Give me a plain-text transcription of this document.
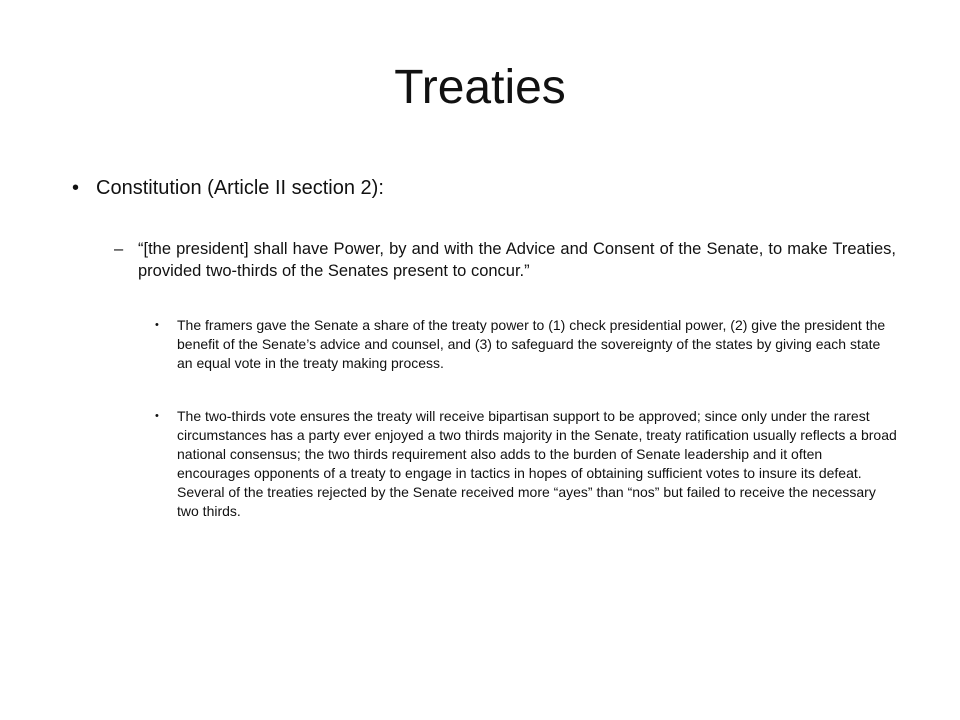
Treaties
• Constitution (Article II section 2):
– “[the president] shall have Power, by and with the Advice and Consent of the Senate, to make Treaties, provided two-thirds of the Senates present to concur.”
• The framers gave the Senate a share of the treaty power to (1) check presidential power, (2) give the president the benefit of the Senate’s advice and counsel, and (3) to safeguard the sovereignty of the states by giving each state an equal vote in the treaty making process.
• The two-thirds vote ensures the treaty will receive bipartisan support to be approved; since only under the rarest circumstances has a party ever enjoyed a two thirds majority in the Senate, treaty ratification usually reflects a broad national consensus; the two thirds requirement also adds to the burden of Senate leadership and it often encourages opponents of a treaty to engage in tactics in hopes of obtaining sufficient votes to insure its defeat. Several of the treaties rejected by the Senate received more “ayes” than “nos” but failed to receive the necessary two thirds.
